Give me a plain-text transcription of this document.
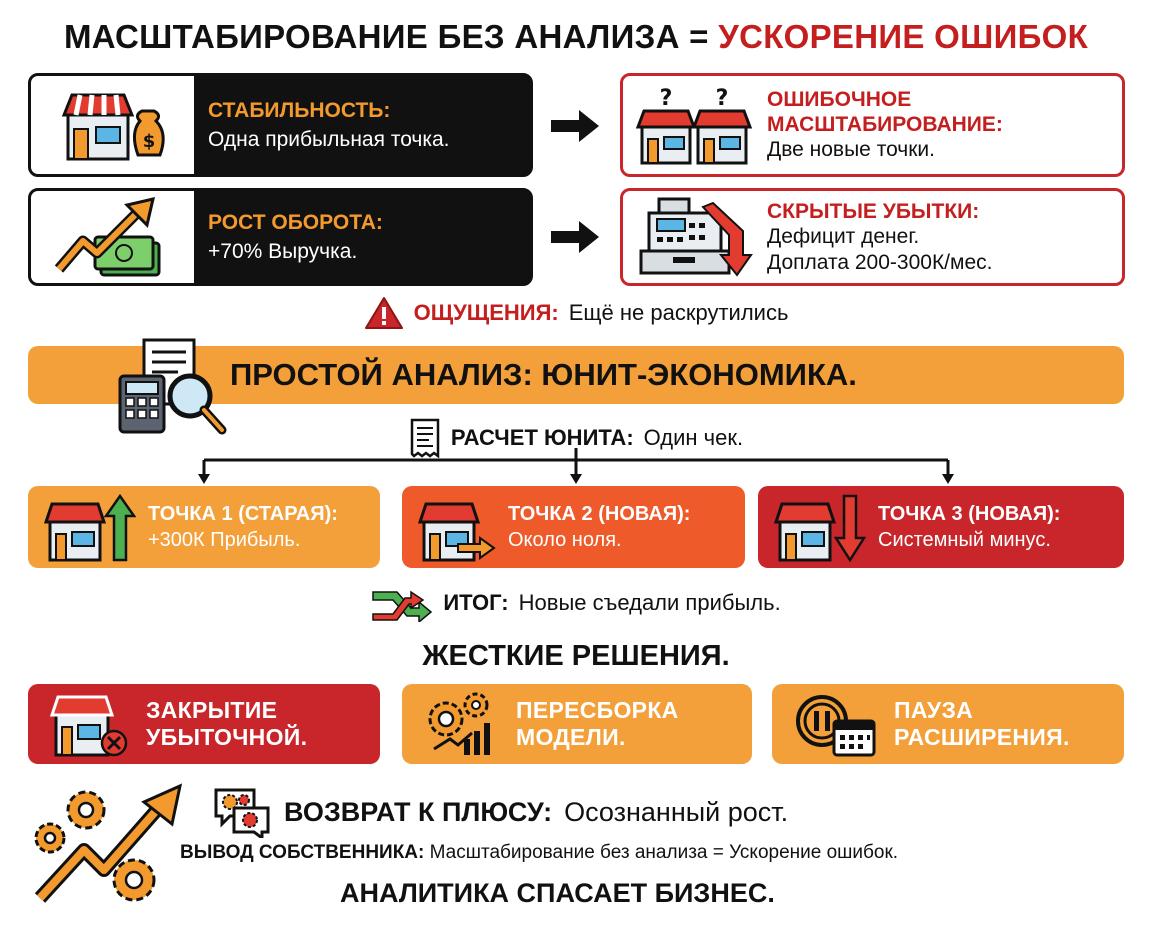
МАСШТАБИРОВАНИЕ БЕЗ АНАЛИЗА = УСКОРЕНИЕ ОШИБОК
$
СТАБИЛЬНОСТЬ:
Одна прибыльная точка.
? ? ОШИБОЧНОЕ
МАСШТАБИРОВАНИЕ:
Две новые точки.
РОСТ ОБОРОТА:
+70% Выручка.
СКРЫТЫЕ УБЫТКИ:
Дефицит денег.
Доплата 200-300К/мес.
ОЩУЩЕНИЯ: Ещё не раскрутились
ПРОСТОЙ АНАЛИЗ: ЮНИТ-ЭКОНОМИКА.
РАСЧЕТ ЮНИТА: Один чек.
ТОЧКА 1 (СТАРАЯ):
+300К Прибыль.
ТОЧКА 2 (НОВАЯ):
Около ноля.
ТОЧКА 3 (НОВАЯ):
Системный минус.
ИТОГ: Новые съедали прибыль.
ЖЕСТКИЕ РЕШЕНИЯ.
ЗАКРЫТИЕ
УБЫТОЧНОЙ.
ПЕРЕСБОРКА
МОДЕЛИ.
ПАУЗА
РАСШИРЕНИЯ.
ВОЗВРАТ К ПЛЮСУ: Осознанный рост.
ВЫВОД СОБСТВЕННИКА: Масштабирование без анализа = Ускорение ошибок.
АНАЛИТИКА СПАСАЕТ БИЗНЕС.
